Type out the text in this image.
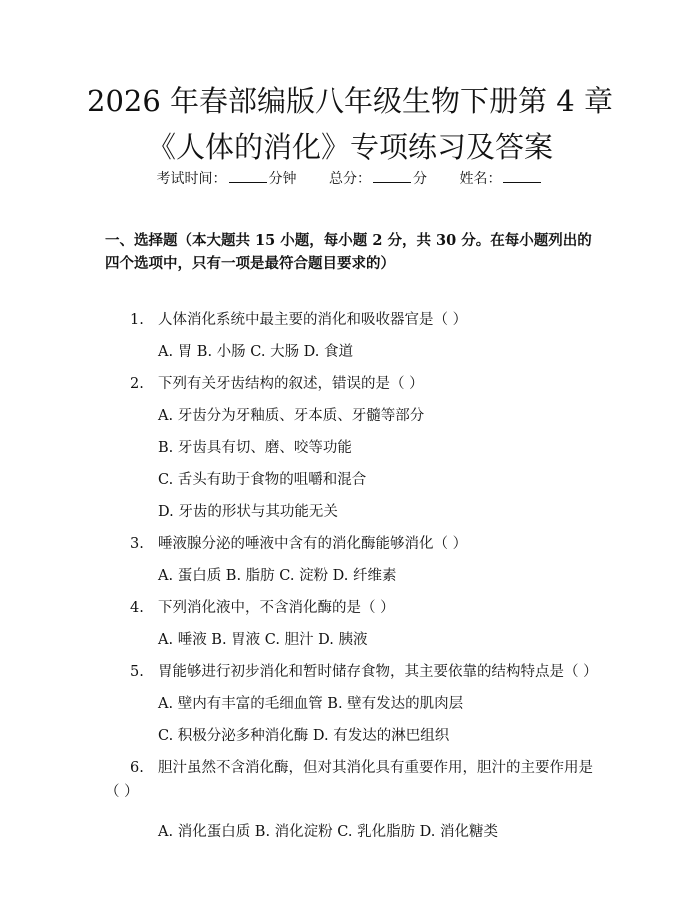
2026 年春部编版八年级生物下册第 4 章《人体的消化》专项练习及答案
考试时间：	分钟 总分：	分 姓名：
一、选择题（本大题共 15 小题，每小题 2 分，共 30 分。在每小题列出的四个选项中，只有一项是最符合题目要求的）
1. 人体消化系统中最主要的消化和吸收器官是（ ）
A. 胃 B. 小肠 C. 大肠 D. 食道
2. 下列有关牙齿结构的叙述，错误的是（ ）
A. 牙齿分为牙釉质、牙本质、牙髓等部分
B. 牙齿具有切、磨、咬等功能
C. 舌头有助于食物的咀嚼和混合
D. 牙齿的形状与其功能无关
3. 唾液腺分泌的唾液中含有的消化酶能够消化（ ）
A. 蛋白质 B. 脂肪 C. 淀粉 D. 纤维素
4. 下列消化液中，不含消化酶的是（ ）
A. 唾液 B. 胃液 C. 胆汁 D. 胰液
5. 胃能够进行初步消化和暂时储存食物，其主要依靠的结构特点是（ ）
A. 壁内有丰富的毛细血管 B. 壁有发达的肌肉层
C. 积极分泌多种消化酶 D. 有发达的淋巴组织
6. 胆汁虽然不含消化酶，但对其消化具有重要作用，胆汁的主要作用是
（ ）
A. 消化蛋白质 B. 消化淀粉 C. 乳化脂肪 D. 消化糖类
